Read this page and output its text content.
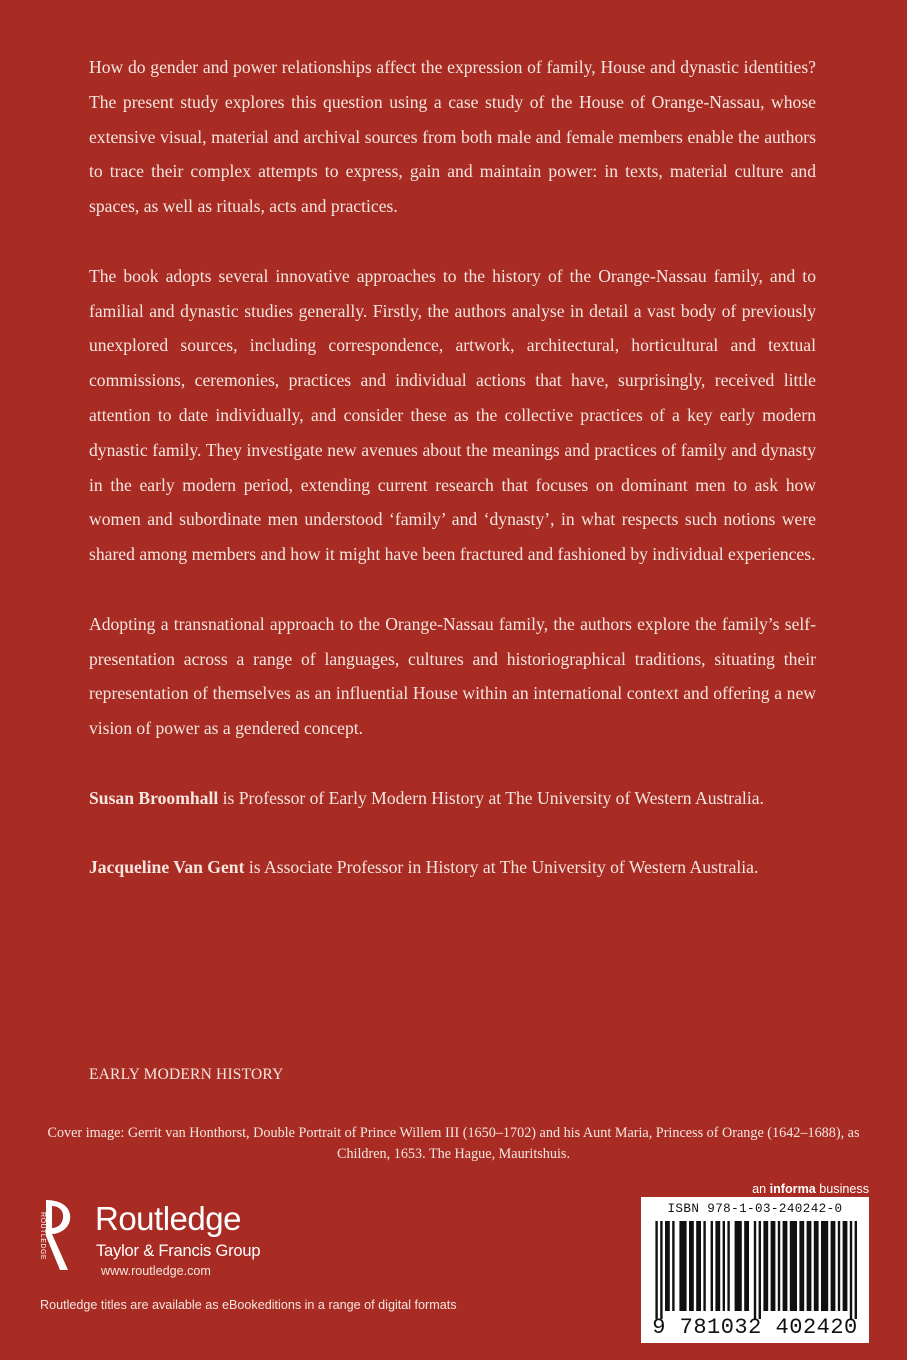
How do gender and power relationships affect the expression of family, House and dynastic identities? The present study explores this question using a case study of the House of Orange-Nassau, whose extensive visual, material and archival sources from both male and female members enable the authors to trace their complex attempts to express, gain and maintain power: in texts, material culture and spaces, as well as rituals, acts and practices.

The book adopts several innovative approaches to the history of the Orange-Nassau family, and to familial and dynastic studies generally. Firstly, the authors analyse in detail a vast body of previously unexplored sources, including correspondence, artwork, architectural, horticultural and textual commissions, ceremonies, practices and individual actions that have, surprisingly, received little attention to date individually, and consider these as the collective practices of a key early modern dynastic family. They investigate new avenues about the meanings and practices of family and dynasty in the early modern period, extending current research that focuses on dominant men to ask how women and subordinate men understood ‘family’ and ‘dynasty’, in what respects such notions were shared among members and how it might have been fractured and fashioned by individual experiences.

Adopting a transnational approach to the Orange-Nassau family, the authors explore the family’s self-presentation across a range of languages, cultures and historiographical traditions, situating their representation of themselves as an influential House within an international context and offering a new vision of power as a gendered concept.

Susan Broomhall is Professor of Early Modern History at The University of Western Australia.

Jacqueline Van Gent is Associate Professor in History at The University of Western Australia.

EARLY MODERN HISTORY
Cover image: Gerrit van Honthorst, Double Portrait of Prince Willem III (1650–1702) and his Aunt Maria, Princess of Orange (1642–1688), as Children, 1653. The Hague, Mauritshuis.
ROUTLEDGE Routledge
Taylor & Francis Group
www.routledge.com
Routledge titles are available as eBookeditions in a range of digital formats
an informa business
ISBN 978-1-03-240242-0
9 781032 402420
